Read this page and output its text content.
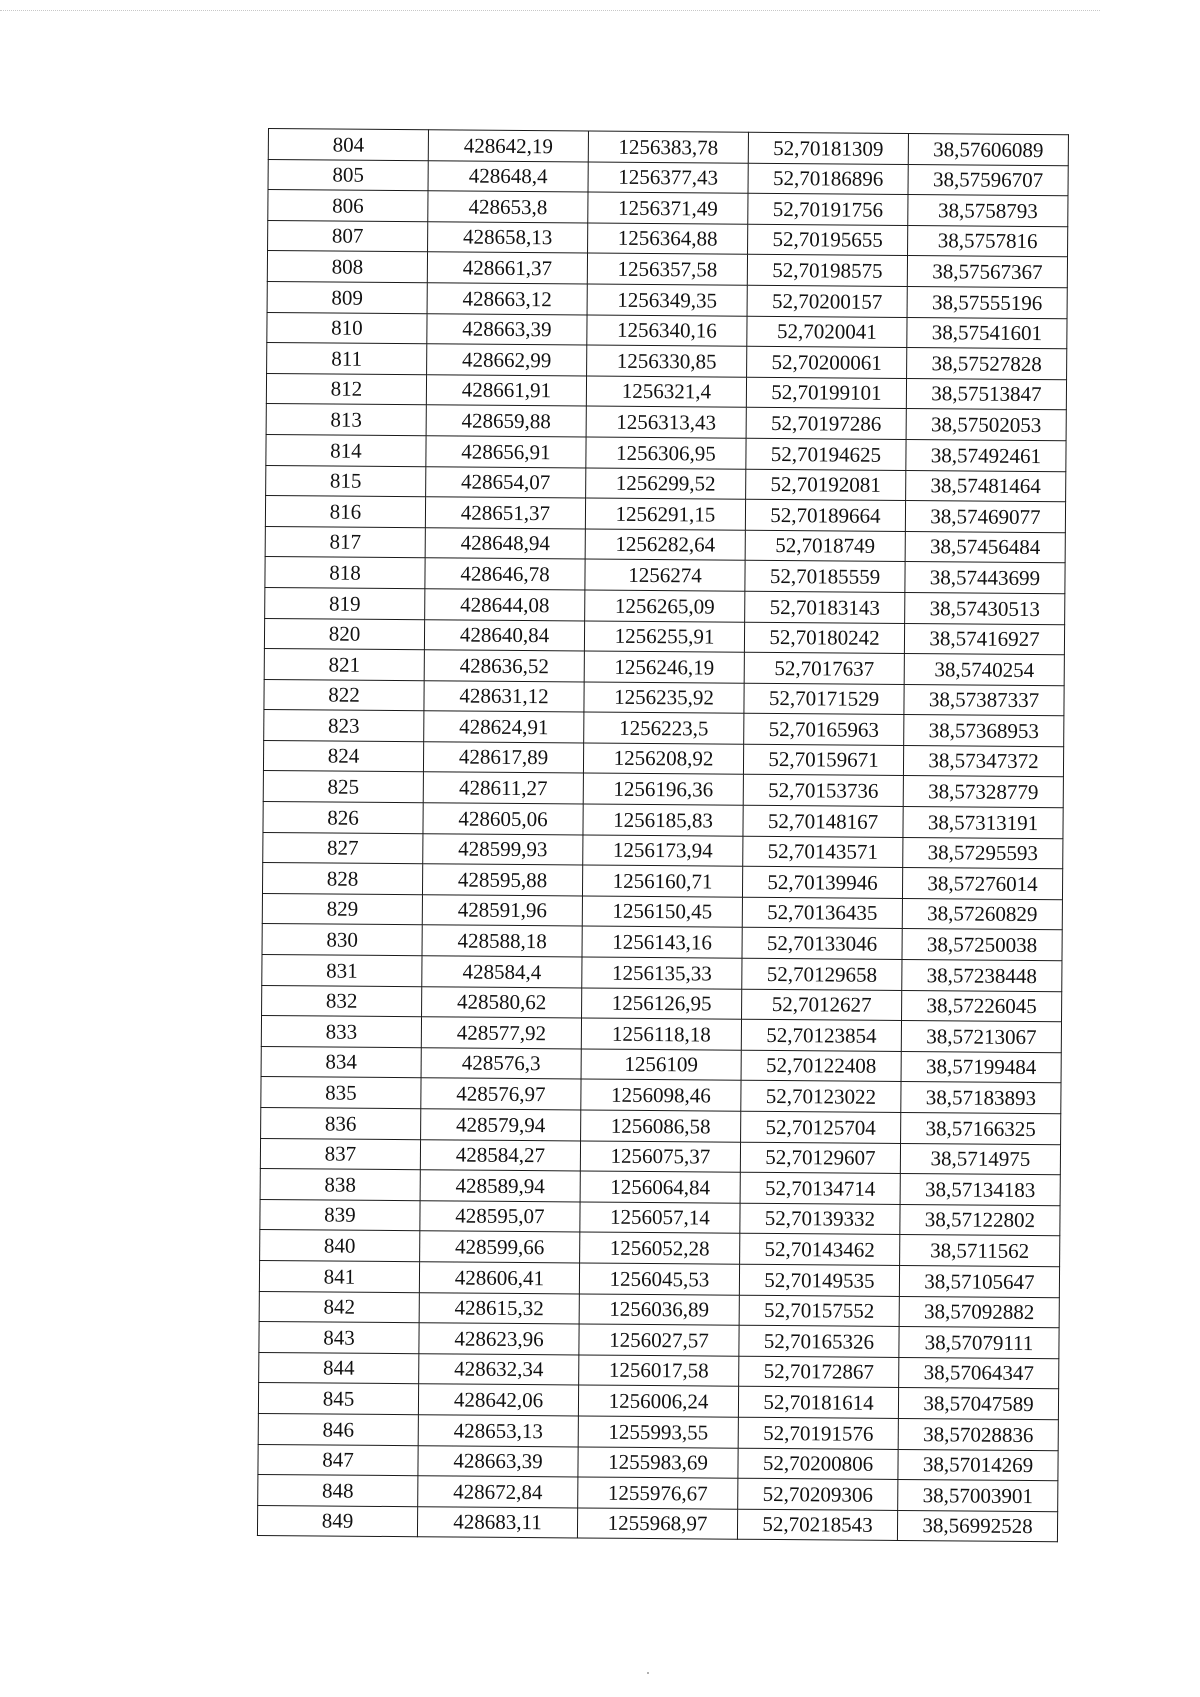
804	428642,19	1256383,78	52,70181309	38,57606089
805	428648,4	1256377,43	52,70186896	38,57596707
806	428653,8	1256371,49	52,70191756	38,5758793
807	428658,13	1256364,88	52,70195655	38,5757816
808	428661,37	1256357,58	52,70198575	38,57567367
809	428663,12	1256349,35	52,70200157	38,57555196
810	428663,39	1256340,16	52,7020041	38,57541601
811	428662,99	1256330,85	52,70200061	38,57527828
812	428661,91	1256321,4	52,70199101	38,57513847
813	428659,88	1256313,43	52,70197286	38,57502053
814	428656,91	1256306,95	52,70194625	38,57492461
815	428654,07	1256299,52	52,70192081	38,57481464
816	428651,37	1256291,15	52,70189664	38,57469077
817	428648,94	1256282,64	52,7018749	38,57456484
818	428646,78	1256274	52,70185559	38,57443699
819	428644,08	1256265,09	52,70183143	38,57430513
820	428640,84	1256255,91	52,70180242	38,57416927
821	428636,52	1256246,19	52,7017637	38,5740254
822	428631,12	1256235,92	52,70171529	38,57387337
823	428624,91	1256223,5	52,70165963	38,57368953
824	428617,89	1256208,92	52,70159671	38,57347372
825	428611,27	1256196,36	52,70153736	38,57328779
826	428605,06	1256185,83	52,70148167	38,57313191
827	428599,93	1256173,94	52,70143571	38,57295593
828	428595,88	1256160,71	52,70139946	38,57276014
829	428591,96	1256150,45	52,70136435	38,57260829
830	428588,18	1256143,16	52,70133046	38,57250038
831	428584,4	1256135,33	52,70129658	38,57238448
832	428580,62	1256126,95	52,7012627	38,57226045
833	428577,92	1256118,18	52,70123854	38,57213067
834	428576,3	1256109	52,70122408	38,57199484
835	428576,97	1256098,46	52,70123022	38,57183893
836	428579,94	1256086,58	52,70125704	38,57166325
837	428584,27	1256075,37	52,70129607	38,5714975
838	428589,94	1256064,84	52,70134714	38,57134183
839	428595,07	1256057,14	52,70139332	38,57122802
840	428599,66	1256052,28	52,70143462	38,5711562
841	428606,41	1256045,53	52,70149535	38,57105647
842	428615,32	1256036,89	52,70157552	38,57092882
843	428623,96	1256027,57	52,70165326	38,57079111
844	428632,34	1256017,58	52,70172867	38,57064347
845	428642,06	1256006,24	52,70181614	38,57047589
846	428653,13	1255993,55	52,70191576	38,57028836
847	428663,39	1255983,69	52,70200806	38,57014269
848	428672,84	1255976,67	52,70209306	38,57003901
849	428683,11	1255968,97	52,70218543	38,56992528
